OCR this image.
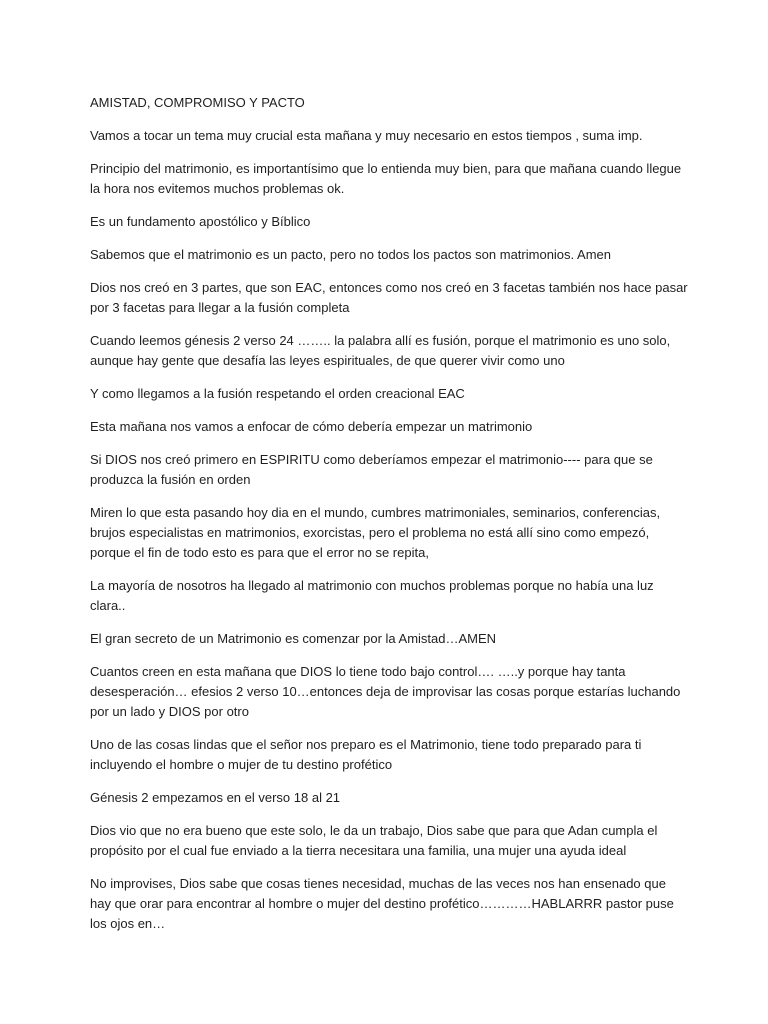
AMISTAD, COMPROMISO Y PACTO

Vamos a tocar un tema muy crucial esta mañana y muy necesario en estos tiempos , suma imp.

Principio del matrimonio, es importantísimo que lo entienda muy bien, para que mañana cuando llegue la hora nos evitemos muchos problemas ok.

Es un fundamento apostólico y Bíblico

Sabemos que el matrimonio es un pacto, pero no todos los pactos son matrimonios. Amen

Dios nos creó en 3 partes, que son EAC, entonces como nos creó en 3 facetas también nos hace pasar por 3 facetas para llegar a la fusión completa

Cuando leemos génesis 2 verso 24 …….. la palabra allí es fusión, porque el matrimonio es uno solo, aunque hay gente que desafía las leyes espirituales, de que querer vivir como uno

Y como llegamos a la fusión respetando el orden creacional EAC

Esta mañana nos vamos a enfocar de cómo debería empezar un matrimonio

Si DIOS nos creó primero en ESPIRITU como deberíamos empezar el matrimonio---- para que se produzca la fusión en orden

Miren lo que esta pasando hoy dia en el mundo, cumbres matrimoniales, seminarios, conferencias, brujos especialistas en matrimonios, exorcistas, pero el problema no está allí sino como empezó, porque el fin de todo esto es para que el error no se repita,

La mayoría de nosotros ha llegado al matrimonio con muchos problemas porque no había una luz clara..

El gran secreto de un Matrimonio es comenzar por la Amistad…AMEN

Cuantos creen en esta mañana que DIOS lo tiene todo bajo control…. …..y porque hay tanta desesperación… efesios 2 verso 10…entonces deja de improvisar las cosas porque estarías luchando por un lado y DIOS por otro

Uno de las cosas lindas que el señor nos preparo es el Matrimonio, tiene todo preparado para ti incluyendo el hombre o mujer de tu destino profético

Génesis 2 empezamos en el verso 18 al 21

Dios vio que no era bueno que este solo, le da un trabajo, Dios sabe que para que Adan cumpla el propósito por el cual fue enviado a la tierra necesitara una familia, una mujer una ayuda ideal

No improvises, Dios sabe que cosas tienes necesidad, muchas de las veces nos han ensenado que hay que orar para encontrar al hombre o mujer del destino profético…………HABLARRR pastor puse los ojos en…
